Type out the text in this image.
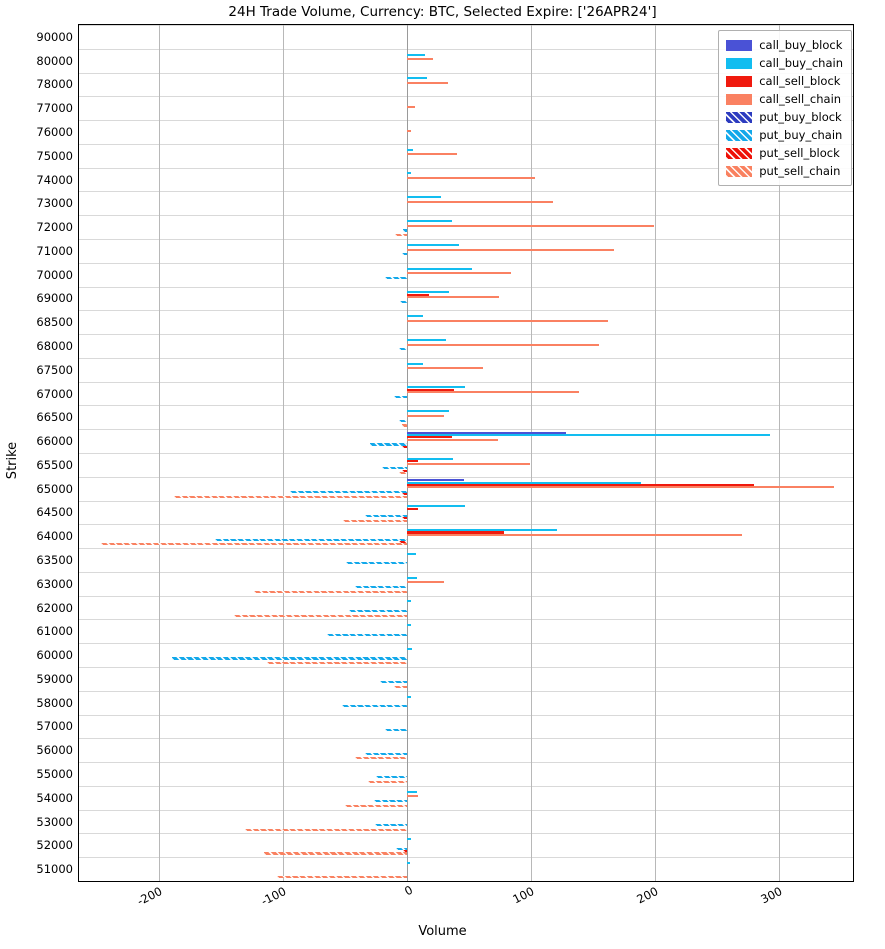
24H Trade Volume, Currency: BTC, Selected Expire: ['26APR24']
90000
80000
78000
77000
76000
75000
74000
73000
72000
71000
70000
69000
68500
68000
67500
67000
66500
66000
65500
65000
64500
64000
63500
63000
62000
61000
60000
59000
58000
57000
56000
55000
54000
53000
52000
51000
-200	-100	0	100	200	300
Strike
Volume
call_buy_block
call_buy_chain
call_sell_block
call_sell_chain
put_buy_block
put_buy_chain
put_sell_block
put_sell_chain
